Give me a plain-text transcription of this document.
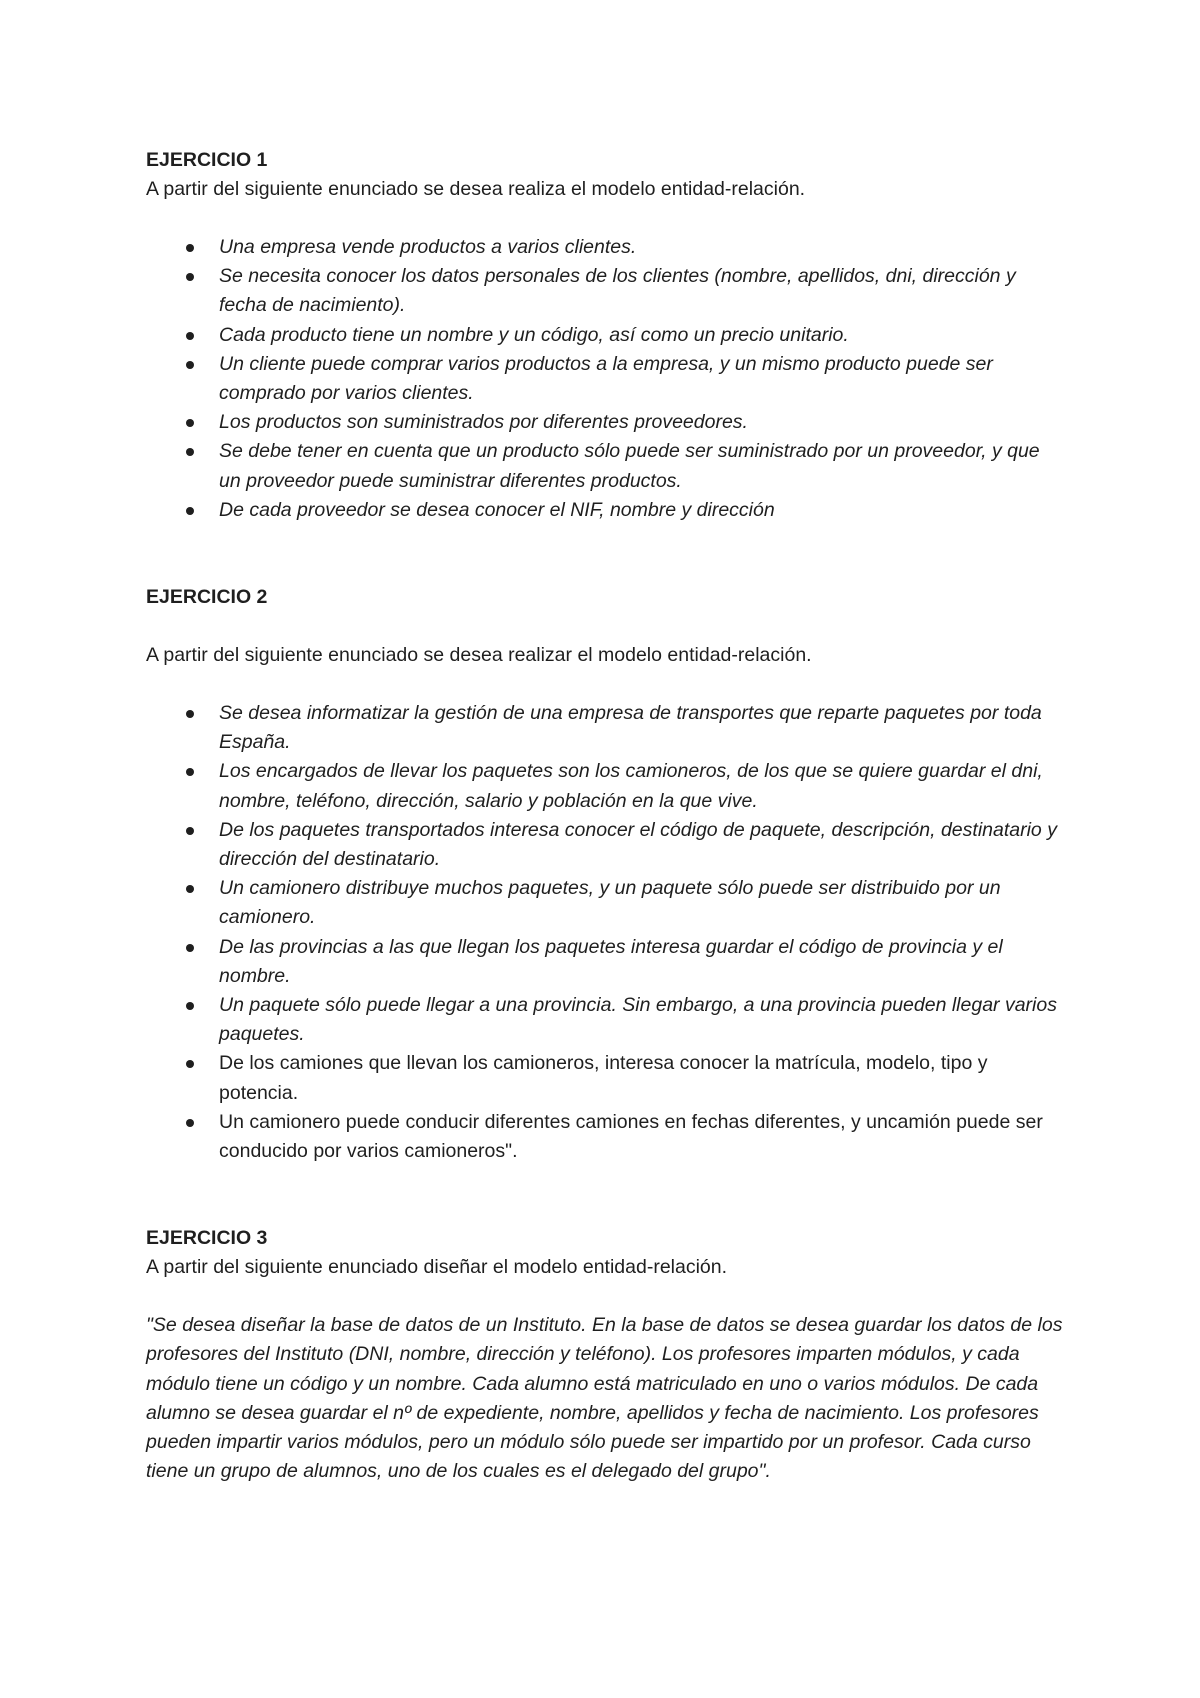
EJERCICIO 1

A partir del siguiente enunciado se desea realiza el modelo entidad-relación.

Una empresa vende productos a varios clientes.
Se necesita conocer los datos personales de los clientes (nombre, apellidos, dni, dirección y fecha de nacimiento).
Cada producto tiene un nombre y un código, así como un precio unitario.
Un cliente puede comprar varios productos a la empresa, y un mismo producto puede ser comprado por varios clientes.
Los productos son suministrados por diferentes proveedores.
Se debe tener en cuenta que un producto sólo puede ser suministrado por un proveedor, y que un proveedor puede suministrar diferentes productos.
De cada proveedor se desea conocer el NIF, nombre y dirección

EJERCICIO 2

A partir del siguiente enunciado se desea realizar el modelo entidad-relación.

Se desea informatizar la gestión de una empresa de transportes que reparte paquetes por toda España.
Los encargados de llevar los paquetes son los camioneros, de los que se quiere guardar el dni, nombre, teléfono, dirección, salario y población en la que vive.
De los paquetes transportados interesa conocer el código de paquete, descripción, destinatario y dirección del destinatario.
Un camionero distribuye muchos paquetes, y un paquete sólo puede ser distribuido por un camionero.
De las provincias a las que llegan los paquetes interesa guardar el código de provincia y el nombre.
Un paquete sólo puede llegar a una provincia. Sin embargo, a una provincia pueden llegar varios paquetes.
De los camiones que llevan los camioneros, interesa conocer la matrícula, modelo, tipo y potencia.
Un camionero puede conducir diferentes camiones en fechas diferentes, y uncamión puede ser conducido por varios camioneros".

EJERCICIO 3

A partir del siguiente enunciado diseñar el modelo entidad-relación.

"Se desea diseñar la base de datos de un Instituto. En la base de datos se desea guardar los datos de los profesores del Instituto (DNI, nombre, dirección y teléfono). Los profesores imparten módulos, y cada módulo tiene un código y un nombre. Cada alumno está matriculado en uno o varios módulos. De cada alumno se desea guardar el nº de expediente, nombre, apellidos y fecha de nacimiento. Los profesores pueden impartir varios módulos, pero un módulo sólo puede ser impartido por un profesor. Cada curso tiene un grupo de alumnos, uno de los cuales es el delegado del grupo".
